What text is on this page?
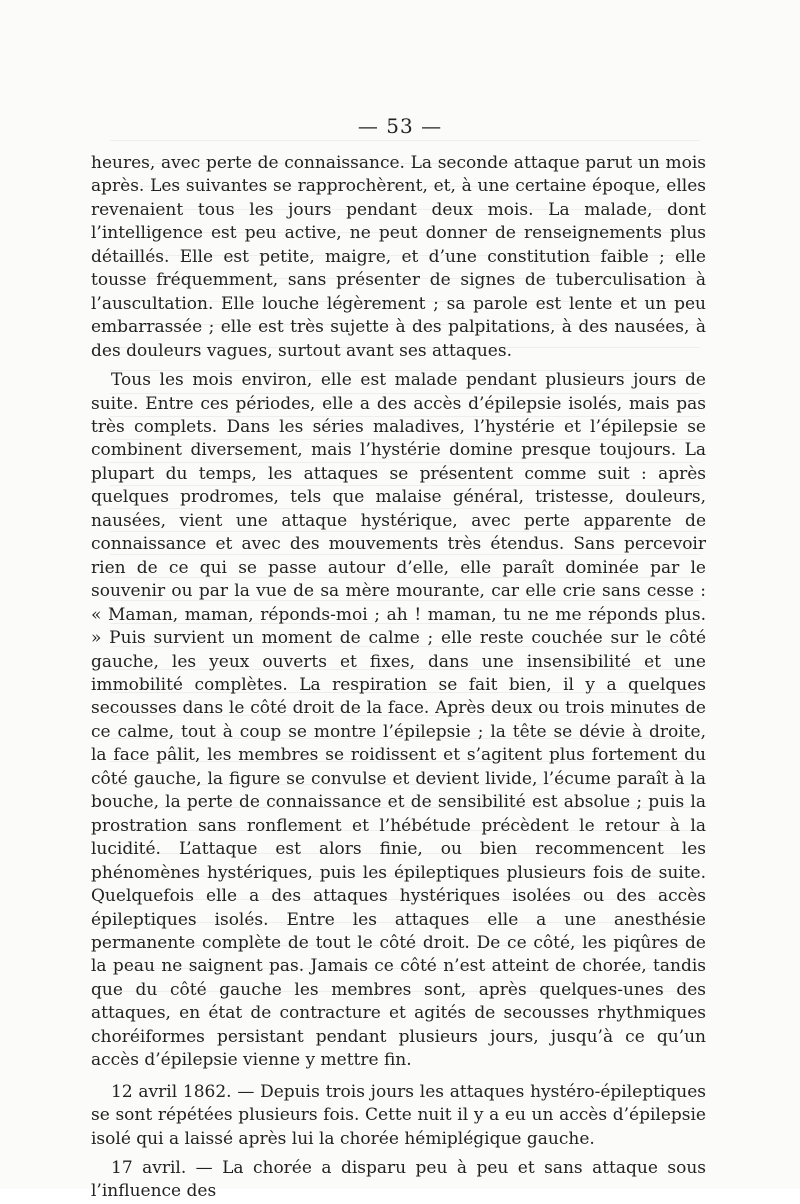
— 53 —

heures, avec perte de connaissance. La seconde attaque parut un mois après. Les suivantes se rapprochèrent, et, à une certaine époque, elles revenaient tous les jours pendant deux mois. La malade, dont l’intelligence est peu active, ne peut donner de renseignements plus détaillés. Elle est petite, maigre, et d’une constitution faible ; elle tousse fréquemment, sans présenter de signes de tuberculisation à l’auscultation. Elle louche légèrement ; sa parole est lente et un peu embarrassée ; elle est très sujette à des palpitations, à des nausées, à des douleurs vagues, surtout avant ses attaques.

Tous les mois environ, elle est malade pendant plusieurs jours de suite. Entre ces périodes, elle a des accès d’épilepsie isolés, mais pas très complets. Dans les séries maladives, l’hystérie et l’épilepsie se combinent diversement, mais l’hystérie domine presque toujours. La plupart du temps, les attaques se présentent comme suit : après quelques prodromes, tels que malaise général, tristesse, douleurs, nausées, vient une attaque hystérique, avec perte apparente de connaissance et avec des mouvements très étendus. Sans percevoir rien de ce qui se passe autour d’elle, elle paraît dominée par le souvenir ou par la vue de sa mère mourante, car elle crie sans cesse : « Maman, maman, réponds-moi ; ah ! maman, tu ne me réponds plus. » Puis survient un moment de calme ; elle reste couchée sur le côté gauche, les yeux ouverts et fixes, dans une insensibilité et une immobilité complètes. La respiration se fait bien, il y a quelques secousses dans le côté droit de la face. Après deux ou trois minutes de ce calme, tout à coup se montre l’épilepsie ; la tête se dévie à droite, la face pâlit, les membres se roidissent et s’agitent plus fortement du côté gauche, la figure se convulse et devient livide, l’écume paraît à la bouche, la perte de connaissance et de sensibilité est absolue ; puis la prostration sans ronflement et l’hébétude précèdent le retour à la lucidité. L’attaque est alors finie, ou bien recommencent les phénomènes hystériques, puis les épileptiques plusieurs fois de suite. Quelquefois elle a des attaques hystériques isolées ou des accès épileptiques isolés. Entre les attaques elle a une anesthésie permanente complète de tout le côté droit. De ce côté, les piqûres de la peau ne saignent pas. Jamais ce côté n’est atteint de chorée, tandis que du côté gauche les membres sont, après quelques-unes des attaques, en état de contracture et agités de secousses rhythmiques choréiformes persistant pendant plusieurs jours, jusqu’à ce qu’un accès d’épilepsie vienne y mettre fin.

12 avril 1862. — Depuis trois jours les attaques hystéro-épileptiques se sont répétées plusieurs fois. Cette nuit il y a eu un accès d’épilepsie isolé qui a laissé après lui la chorée hémiplégique gauche.

17 avril. — La chorée a disparu peu à peu et sans attaque sous l’influence des
